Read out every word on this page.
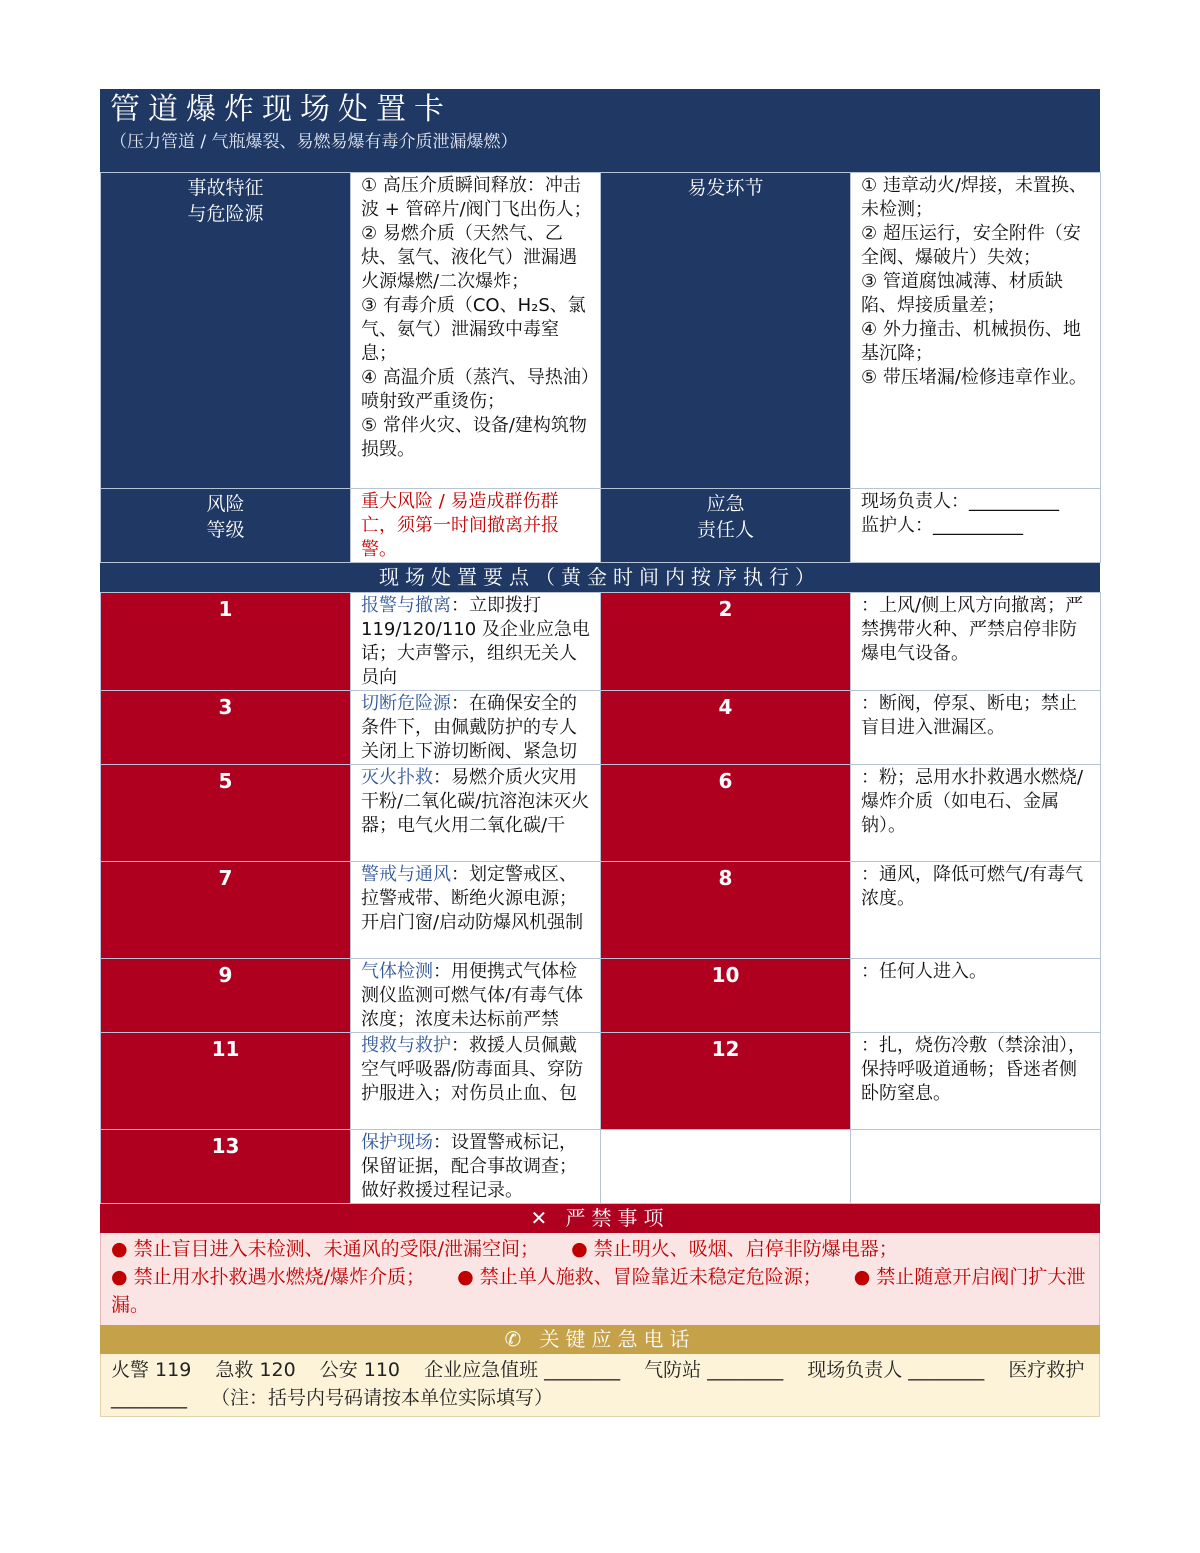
管道爆炸现场处置卡
（压力管道 / 气瓶爆裂、易燃易爆有毒介质泄漏爆燃）
事故特征
与危险源	① 高压介质瞬间释放：冲击波 + 管碎片/阀门飞出伤人；
② 易燃介质（天然气、乙炔、氢气、液化气）泄漏遇火源爆燃/二次爆炸；
③ 有毒介质（CO、H₂S、氯气、氨气）泄漏致中毒窒息；
④ 高温介质（蒸汽、导热油）喷射致严重烫伤；
⑤ 常伴火灾、设备/建构筑物损毁。	易发环节	① 违章动火/焊接，未置换、未检测；
② 超压运行，安全附件（安全阀、爆破片）失效；
③ 管道腐蚀减薄、材质缺陷、焊接质量差；
④ 外力撞击、机械损伤、地基沉降；
⑤ 带压堵漏/检修违章作业。
风险
等级	重大风险 / 易造成群伤群亡，须第一时间撤离并报警。	应急
责任人	现场负责人：__________
监护人：__________
现场处置要点（黄金时间内按序执行）
1	报警与撤离：立即拨打119/120/110 及企业应急电话；大声警示，组织无关人员向	2	：上风/侧上风方向撤离；严禁携带火种、严禁启停非防爆电气设备。
3	切断危险源：在确保安全的条件下，由佩戴防护的专人关闭上下游切断阀、紧急切	4	：断阀，停泵、断电；禁止盲目进入泄漏区。
5	灭火扑救：易燃介质火灾用干粉/二氧化碳/抗溶泡沫灭火器；电气火用二氧化碳/干	6	：粉；忌用水扑救遇水燃烧/爆炸介质（如电石、金属钠）。
7	警戒与通风：划定警戒区、拉警戒带、断绝火源电源；开启门窗/启动防爆风机强制	8	：通风，降低可燃气/有毒气浓度。
9	气体检测：用便携式气体检测仪监测可燃气体/有毒气体浓度；浓度未达标前严禁	10	：任何人进入。
11	搜救与救护：救援人员佩戴空气呼吸器/防毒面具、穿防护服进入；对伤员止血、包	12	：扎，烧伤冷敷（禁涂油），保持呼吸道通畅；昏迷者侧卧防窒息。
13	保护现场：设置警戒标记，保留证据，配合事故调查；做好救援过程记录。		
✕ 严禁事项
● 禁止盲目进入未检测、未通风的受限/泄漏空间； ● 禁止明火、吸烟、启停非防爆电器；
● 禁止用水扑救遇水燃烧/爆炸介质； ● 禁止单人施救、冒险靠近未稳定危险源； ● 禁止随意开启阀门扩大泄漏。
✆ 关键应急电话
火警 119 急救 120 公安 110 企业应急值班 ________ 气防站 ________ 现场负责人 ________ 医疗救护 ________ （注：括号内号码请按本单位实际填写）
